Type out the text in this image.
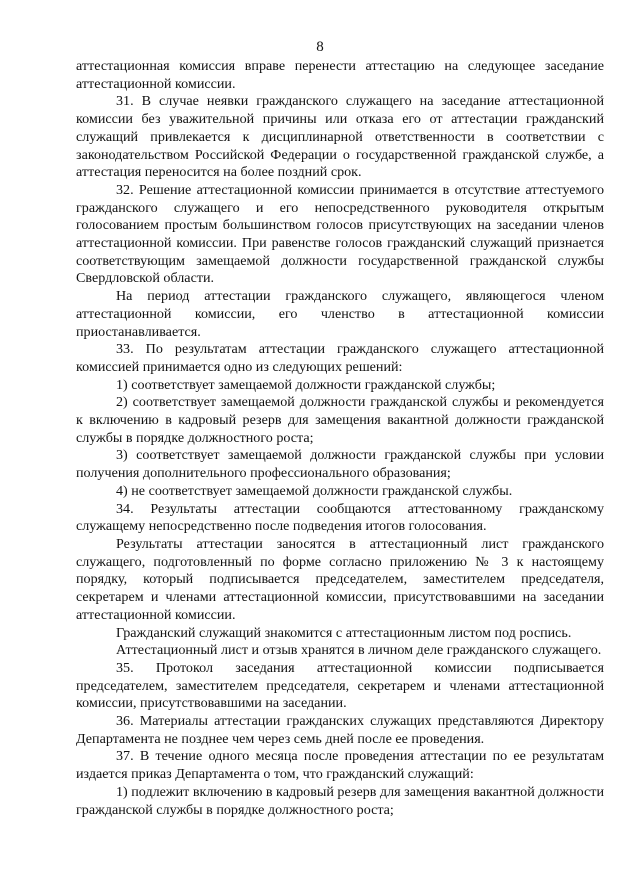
8

аттестационная комиссия вправе перенести аттестацию на следующее заседание аттестационной комиссии.

31. В случае неявки гражданского служащего на заседание аттестационной комиссии без уважительной причины или отказа его от аттестации гражданский служащий привлекается к дисциплинарной ответственности в соответствии с законодательством Российской Федерации о государственной гражданской службе, а аттестация переносится на более поздний срок.

32. Решение аттестационной комиссии принимается в отсутствие аттестуемого гражданского служащего и его непосредственного руководителя открытым голосованием простым большинством голосов присутствующих на заседании членов аттестационной комиссии. При равенстве голосов гражданский служащий признается соответствующим замещаемой должности государственной гражданской службы Свердловской области.

На период аттестации гражданского служащего, являющегося членом аттестационной комиссии, его членство в аттестационной комиссии приостанавливается.

33. По результатам аттестации гражданского служащего аттестационной комиссией принимается одно из следующих решений:

1) соответствует замещаемой должности гражданской службы;

2) соответствует замещаемой должности гражданской службы и рекомендуется к включению в кадровый резерв для замещения вакантной должности гражданской службы в порядке должностного роста;

3) соответствует замещаемой должности гражданской службы при условии получения дополнительного профессионального образования;

4) не соответствует замещаемой должности гражданской службы.

34. Результаты аттестации сообщаются аттестованному гражданскому служащему непосредственно после подведения итогов голосования.

Результаты аттестации заносятся в аттестационный лист гражданского служащего, подготовленный по форме согласно приложению № 3 к настоящему порядку, который подписывается председателем, заместителем председателя, секретарем и членами аттестационной комиссии, присутствовавшими на заседании аттестационной комиссии.

Гражданский служащий знакомится с аттестационным листом под роспись.

Аттестационный лист и отзыв хранятся в личном деле гражданского служащего.

35. Протокол заседания аттестационной комиссии подписывается председателем, заместителем председателя, секретарем и членами аттестационной комиссии, присутствовавшими на заседании.

36. Материалы аттестации гражданских служащих представляются Директору Департамента не позднее чем через семь дней после ее проведения.

37. В течение одного месяца после проведения аттестации по ее результатам издается приказ Департамента о том, что гражданский служащий:

1) подлежит включению в кадровый резерв для замещения вакантной должности гражданской службы в порядке должностного роста;
